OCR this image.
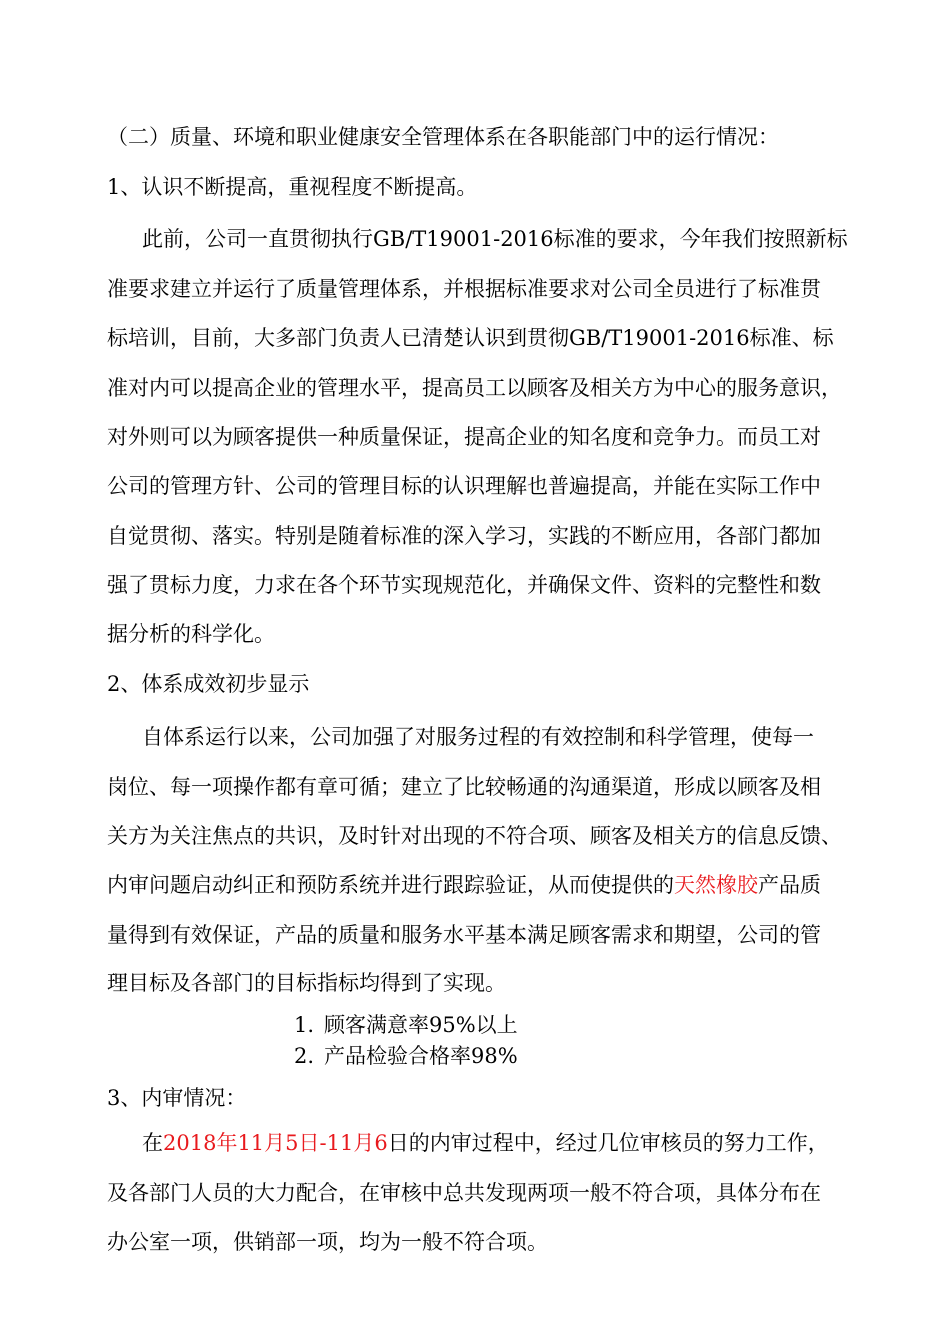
（二）质量、环境和职业健康安全管理体系在各职能部门中的运行情况：
1、认识不断提高，重视程度不断提高。
此前，公司一直贯彻执行GB/T19001-2016标准的要求，今年我们按照新标
准要求建立并运行了质量管理体系，并根据标准要求对公司全员进行了标准贯
标培训，目前，大多部门负责人已清楚认识到贯彻GB/T19001-2016标准、标
准对内可以提高企业的管理水平，提高员工以顾客及相关方为中心的服务意识，
对外则可以为顾客提供一种质量保证，提高企业的知名度和竞争力。而员工对
公司的管理方针、公司的管理目标的认识理解也普遍提高，并能在实际工作中
自觉贯彻、落实。特别是随着标准的深入学习，实践的不断应用，各部门都加
强了贯标力度，力求在各个环节实现规范化，并确保文件、资料的完整性和数
据分析的科学化。
2、体系成效初步显示
自体系运行以来，公司加强了对服务过程的有效控制和科学管理，使每一
岗位、每一项操作都有章可循；建立了比较畅通的沟通渠道，形成以顾客及相
关方为关注焦点的共识，及时针对出现的不符合项、顾客及相关方的信息反馈、
内审问题启动纠正和预防系统并进行跟踪验证，从而使提供的天然橡胶产品质
量得到有效保证，产品的质量和服务水平基本满足顾客需求和期望，公司的管
理目标及各部门的目标指标均得到了实现。
1. 顾客满意率95%以上
2. 产品检验合格率98%
3、内审情况：
在2018年11月5日-11月6日的内审过程中，经过几位审核员的努力工作，
及各部门人员的大力配合，在审核中总共发现两项一般不符合项，具体分布在
办公室一项，供销部一项，均为一般不符合项。
